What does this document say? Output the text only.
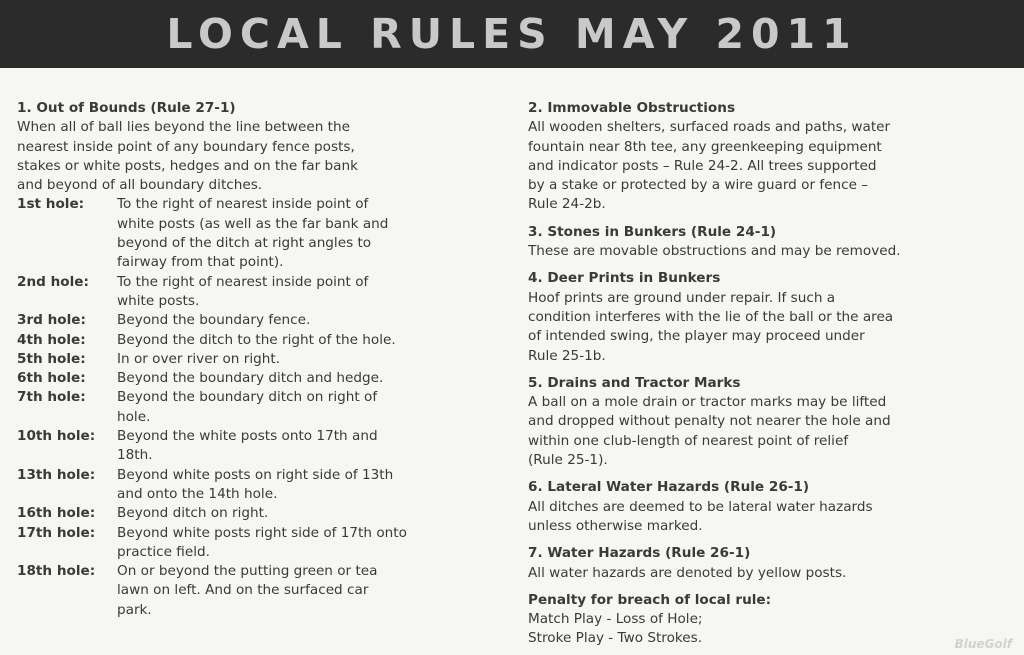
LOCAL RULES MAY 2011
1. Out of Bounds (Rule 27-1)
When all of ball lies beyond the line between the
nearest inside point of any boundary fence posts,
stakes or white posts, hedges and on the far bank
and beyond of all boundary ditches.
1st hole:	To the right of nearest inside point of
white posts (as well as the far bank and
beyond of the ditch at right angles to
fairway from that point).
2nd hole:	To the right of nearest inside point of
white posts.
3rd hole:	Beyond the boundary fence.
4th hole:	Beyond the ditch to the right of the hole.
5th hole:	In or over river on right.
6th hole:	Beyond the boundary ditch and hedge.
7th hole:	Beyond the boundary ditch on right of
hole.
10th hole:	Beyond the white posts onto 17th and
18th.
13th hole:	Beyond white posts on right side of 13th
and onto the 14th hole.
16th hole:	Beyond ditch on right.
17th hole:	Beyond white posts right side of 17th onto
practice field.
18th hole:	On or beyond the putting green or tea
lawn on left. And on the surfaced car
park.
2. Immovable Obstructions
All wooden shelters, surfaced roads and paths, water
fountain near 8th tee, any greenkeeping equipment
and indicator posts – Rule 24-2. All trees supported
by a stake or protected by a wire guard or fence –
Rule 24-2b.
3. Stones in Bunkers (Rule 24-1)
These are movable obstructions and may be removed.
4. Deer Prints in Bunkers
Hoof prints are ground under repair. If such a
condition interferes with the lie of the ball or the area
of intended swing, the player may proceed under
Rule 25-1b.
5. Drains and Tractor Marks
A ball on a mole drain or tractor marks may be lifted
and dropped without penalty not nearer the hole and
within one club-length of nearest point of relief
(Rule 25-1).
6. Lateral Water Hazards (Rule 26-1)
All ditches are deemed to be lateral water hazards
unless otherwise marked.
7. Water Hazards (Rule 26-1)
All water hazards are denoted by yellow posts.
Penalty for breach of local rule:
Match Play - Loss of Hole;
Stroke Play - Two Strokes.	BlueGolf
